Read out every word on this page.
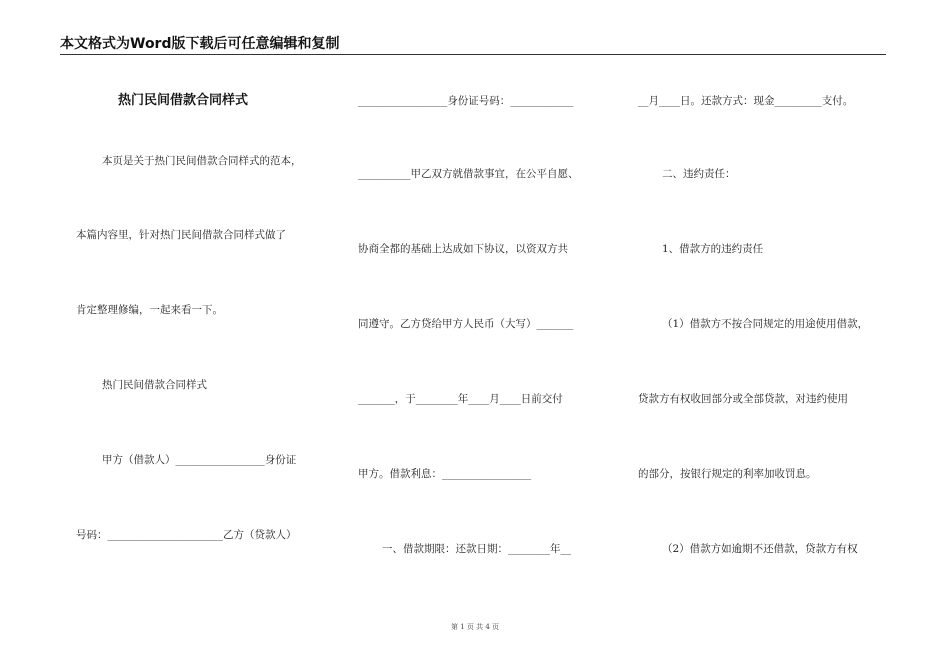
本文格式为Word版下载后可任意编辑和复制
热门民间借款合同样式
本页是关于热门民间借款合同样式的范本，
本篇内容里，针对热门民间借款合同样式做了
肯定整理修编，一起来看一下。
热门民间借款合同样式
甲方（借款人）_________________身份证
号码：______________________乙方（贷款人）
_________________身份证号码：____________
__________甲乙双方就借款事宜，在公平自愿、
协商全都的基础上达成如下协议，以资双方共
同遵守。乙方贷给甲方人民币（大写）_______
_______，于________年____月____日前交付
甲方。借款利息：_________________
一、借款期限：还款日期：________年__
__月____日。还款方式：现金_________支付。
二、违约责任：
1、借款方的违约责任
（1）借款方不按合同规定的用途使用借款，
贷款方有权收回部分或全部贷款，对违约使用
的部分，按银行规定的利率加收罚息。
（2）借款方如逾期不还借款，贷款方有权
第 1 页 共 4 页
